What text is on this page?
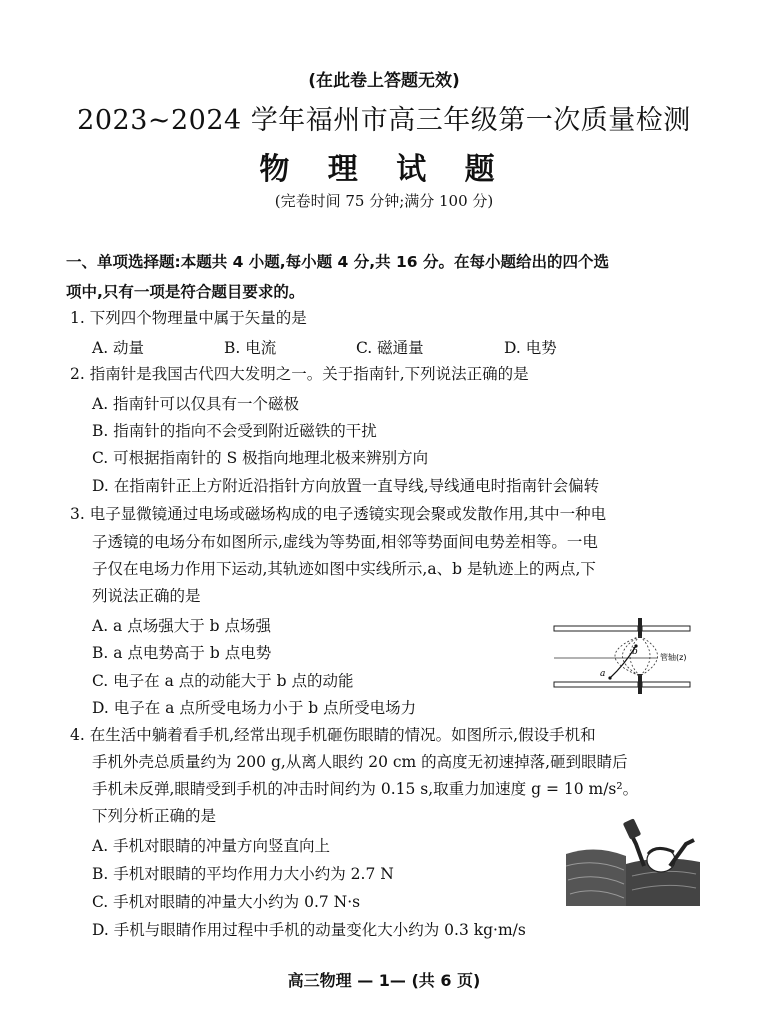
(在此卷上答题无效)
2023~2024 学年福州市高三年级第一次质量检测
物 理 试 题
(完卷时间 75 分钟;满分 100 分)
一、单项选择题:本题共 4 小题,每小题 4 分,共 16 分。在每小题给出的四个选
项中,只有一项是符合题目要求的。
1. 下列四个物理量中属于矢量的是
A. 动量	B. 电流	C. 磁通量	D. 电势
2. 指南针是我国古代四大发明之一。关于指南针,下列说法正确的是
A. 指南针可以仅具有一个磁极
B. 指南针的指向不会受到附近磁铁的干扰
C. 可根据指南针的 S 极指向地理北极来辨别方向
D. 在指南针正上方附近沿指针方向放置一直导线,导线通电时指南针会偏转
3. 电子显微镜通过电场或磁场构成的电子透镜实现会聚或发散作用,其中一种电
子透镜的电场分布如图所示,虚线为等势面,相邻等势面间电势差相等。一电
子仅在电场力作用下运动,其轨迹如图中实线所示,a、b 是轨迹上的两点,下
列说法正确的是
A. a 点场强大于 b 点场强
B. a 点电势高于 b 点电势
C. 电子在 a 点的动能大于 b 点的动能
D. 电子在 a 点所受电场力小于 b 点所受电场力
b
a
管轴(z)
4. 在生活中躺着看手机,经常出现手机砸伤眼睛的情况。如图所示,假设手机和
手机外壳总质量约为 200 g,从离人眼约 20 cm 的高度无初速掉落,砸到眼睛后
手机未反弹,眼睛受到手机的冲击时间约为 0.15 s,取重力加速度 g = 10 m/s²。
下列分析正确的是
A. 手机对眼睛的冲量方向竖直向上
B. 手机对眼睛的平均作用力大小约为 2.7 N
C. 手机对眼睛的冲量大小约为 0.7 N·s
D. 手机与眼睛作用过程中手机的动量变化大小约为 0.3 kg·m/s
高三物理 — 1— (共 6 页)
